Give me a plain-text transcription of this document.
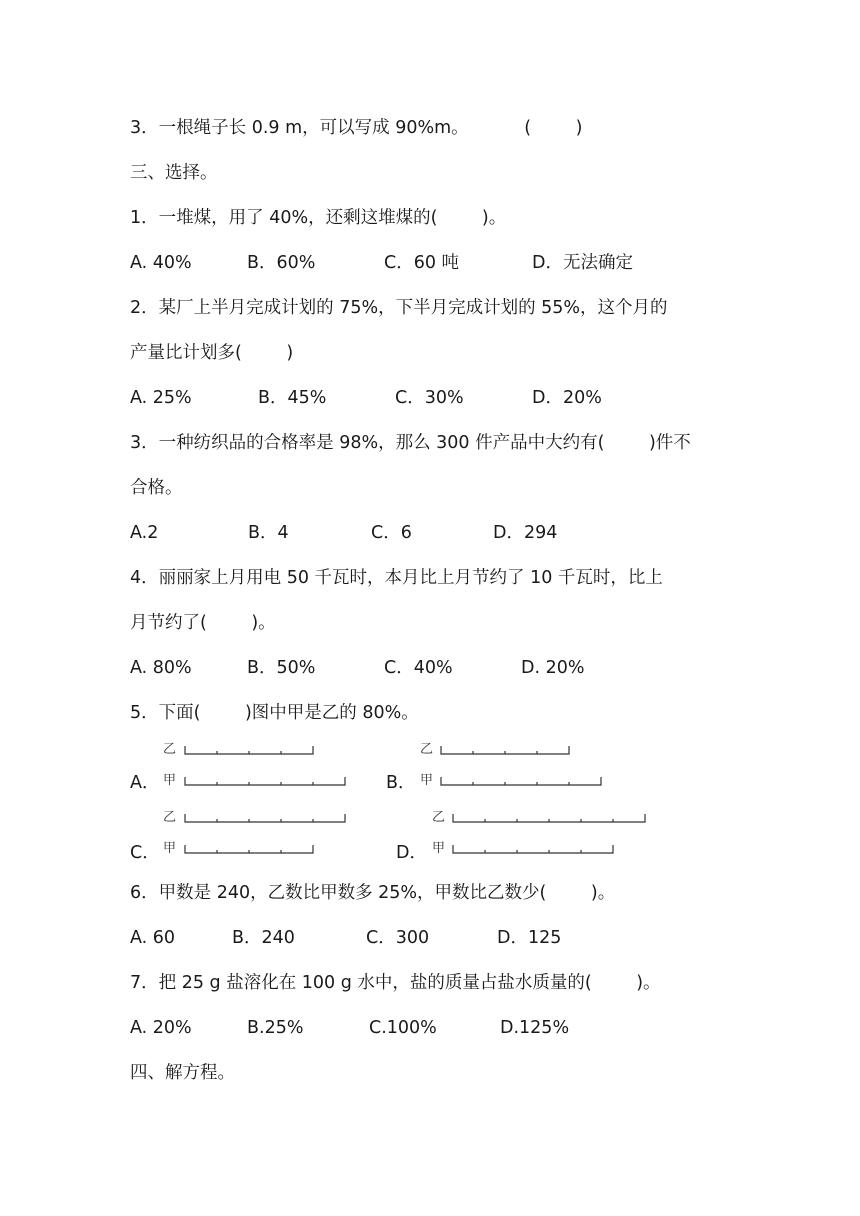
3．一根绳子长 0.9 m，可以写成 90%m。          (        )
三、选择。
1．一堆煤，用了 40%，还剩这堆煤的(        )。
A. 40%	B．60%	C．60 吨	D．无法确定
2．某厂上半月完成计划的 75%，下半月完成计划的 55%，这个月的
产量比计划多(        )
A. 25%	B．45%	C．30%	D．20%
3．一种纺织品的合格率是 98%，那么 300 件产品中大约有(        )件不
合格。
A.2	B．4	C．6	D．294
4．丽丽家上月用电 50 千瓦时，本月比上月节约了 10 千瓦时，比上
月节约了(        )。
A. 80%	B．50%	C．40%	D. 20%
5．下面(        )图中甲是乙的 80%。
乙
A． 甲
乙
B． 甲
乙
C． 甲
乙
D． 甲
6．甲数是 240，乙数比甲数多 25%，甲数比乙数少(        )。
A. 60	B．240	C．300	D．125
7．把 25 g 盐溶化在 100 g 水中，盐的质量占盐水质量的(        )。
A. 20%	B.25%	C.100%	D.125%
四、解方程。
